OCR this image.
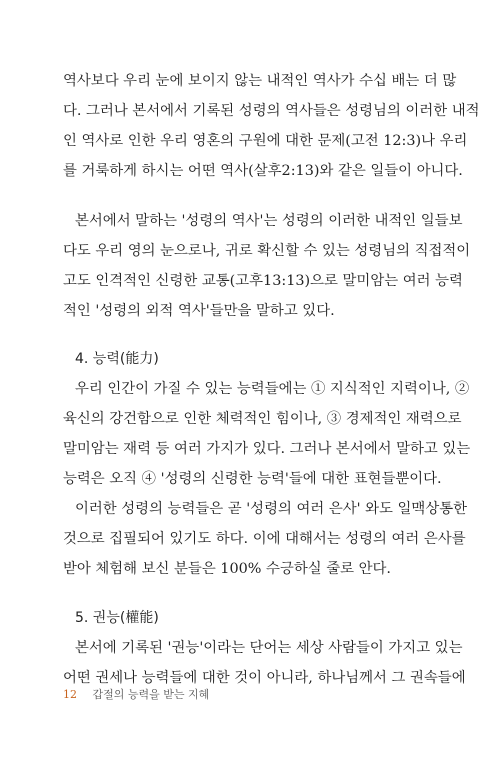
역사보다 우리 눈에 보이지 않는 내적인 역사가 수십 배는 더 많
다. 그러나 본서에서 기록된 성령의 역사들은 성령님의 이러한 내적
인 역사로 인한 우리 영혼의 구원에 대한 문제(고전 12:3)나 우리
를 거룩하게 하시는 어떤 역사(살후2:13)와 같은 일들이 아니다.
본서에서 말하는 '성령의 역사'는 성령의 이러한 내적인 일들보
다도 우리 영의 눈으로나, 귀로 확신할 수 있는 성령님의 직접적이
고도 인격적인 신령한 교통(고후13:13)으로 말미암는 여러 능력
적인 '성령의 외적 역사'들만을 말하고 있다.
4. 능력(能力)
우리 인간이 가질 수 있는 능력들에는 ① 지식적인 지력이나, ②
육신의 강건함으로 인한 체력적인 힘이나, ③ 경제적인 재력으로
말미암는 재력 등 여러 가지가 있다. 그러나 본서에서 말하고 있는
능력은 오직 ④ '성령의 신령한 능력'들에 대한 표현들뿐이다.
이러한 성령의 능력들은 곧 '성령의 여러 은사' 와도 일맥상통한
것으로 집필되어 있기도 하다. 이에 대해서는 성령의 여러 은사를
받아 체험해 보신 분들은 100% 수긍하실 줄로 안다.
5. 권능(權能)
본서에 기록된 '권능'이라는 단어는 세상 사람들이 가지고 있는
어떤 권세나 능력들에 대한 것이 아니라, 하나님께서 그 권속들에
12 갑절의 능력을 받는 지혜
